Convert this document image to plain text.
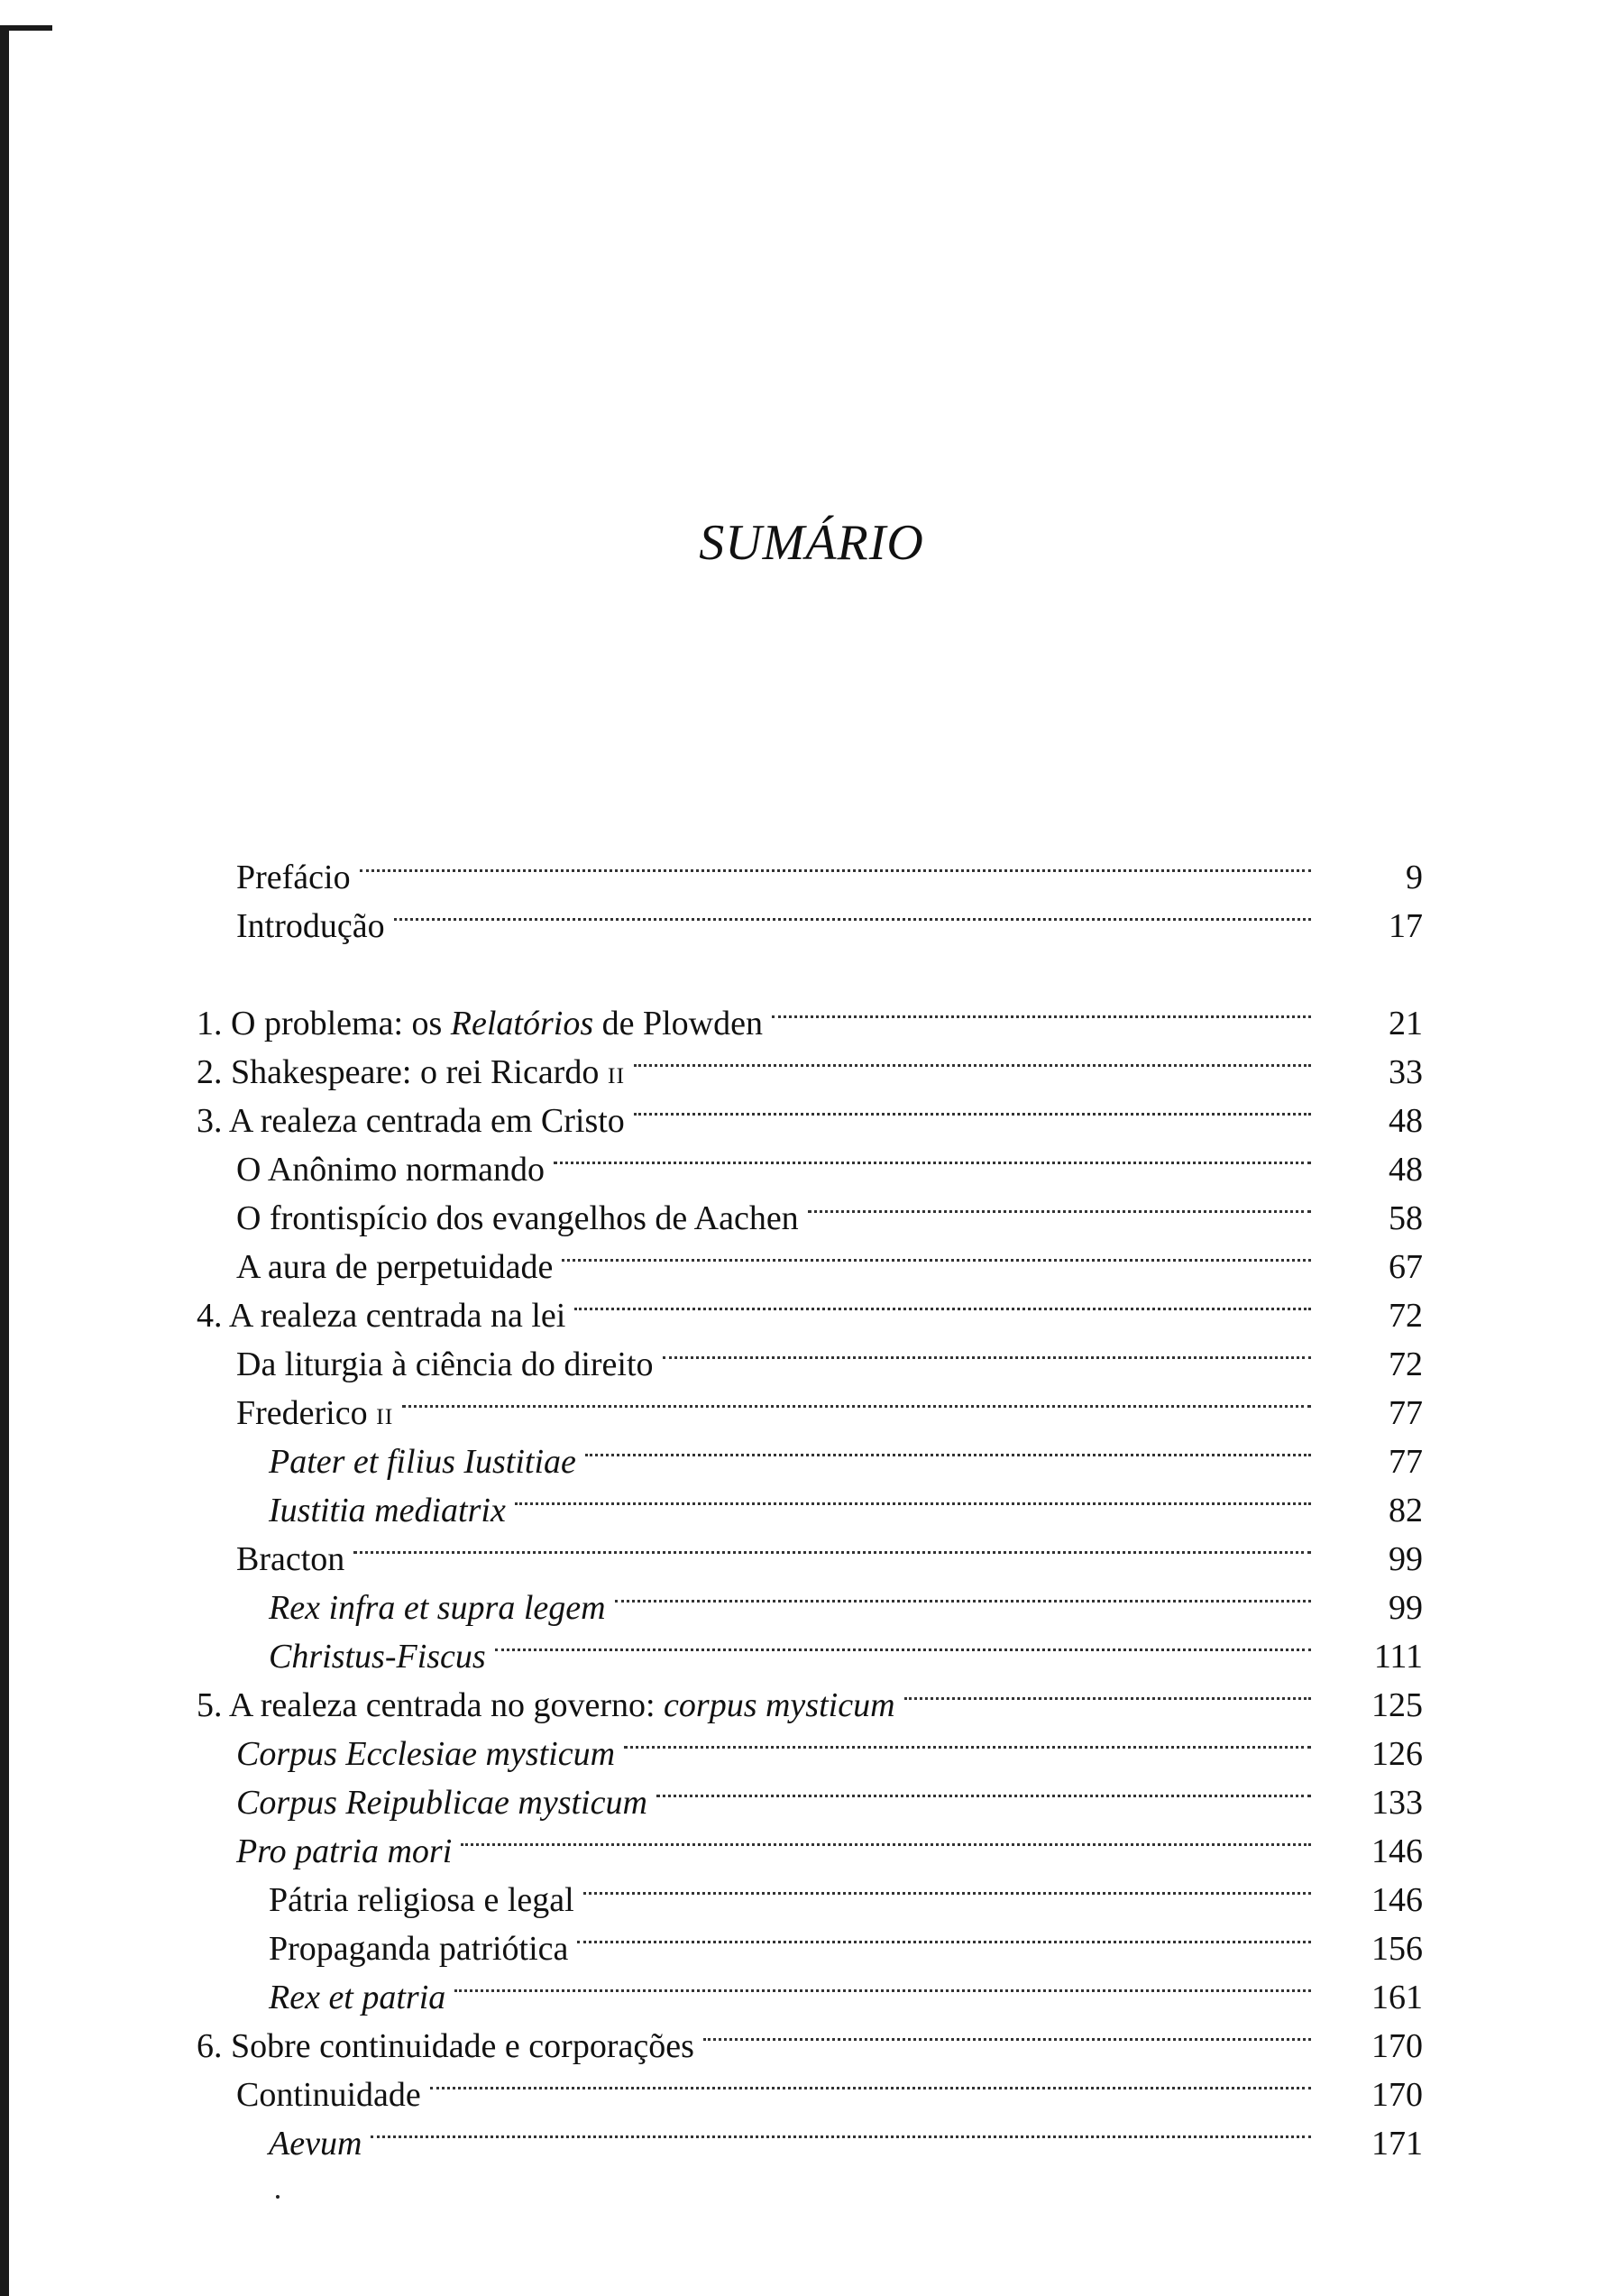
SUMÁRIO
Prefácio	9
Introdução	17
1. O problema: os Relatórios de Plowden	21
2. Shakespeare: o rei Ricardo II	33
3. A realeza centrada em Cristo	48
O Anônimo normando	48
O frontispício dos evangelhos de Aachen	58
A aura de perpetuidade	67
4. A realeza centrada na lei	72
Da liturgia à ciência do direito	72
Frederico II	77
Pater et filius Iustitiae	77
Iustitia mediatrix	82
Bracton	99
Rex infra et supra legem	99
Christus-Fiscus	111
5. A realeza centrada no governo: corpus mysticum	125
Corpus Ecclesiae mysticum	126
Corpus Reipublicae mysticum	133
Pro patria mori	146
Pátria religiosa e legal	146
Propaganda patriótica	156
Rex et patria	161
6. Sobre continuidade e corporações	170
Continuidade	170
Aevum	171
